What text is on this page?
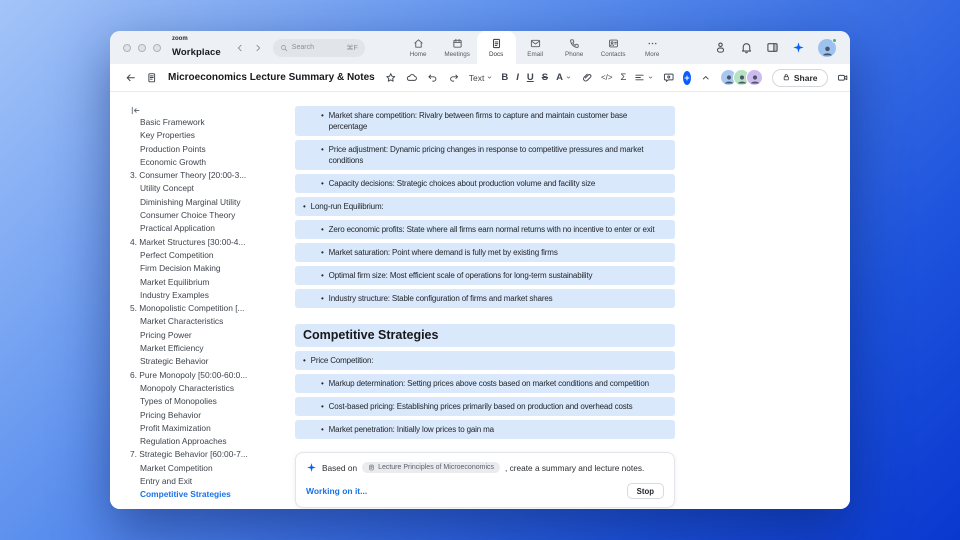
zoom
Workplace	Search	⌘F
Home	Meetings	Docs	Email	Phone	Contacts	More
Microeconomics Lecture Summary & Notes	Text B I U S A	</> Σ	Share
Basic Framework
Key Properties
Production Points
Economic Growth
3. Consumer Theory [20:00-3...
Utility Concept
Diminishing Marginal Utility
Consumer Choice Theory
Practical Application
4. Market Structures [30:00-4...
Perfect Competition
Firm Decision Making
Market Equilibrium
Industry Examples
5. Monopolistic Competition [...
Market Characteristics
Pricing Power
Market Efficiency
Strategic Behavior
6. Pure Monopoly [50:00-60:0...
Monopoly Characteristics
Types of Monopolies
Pricing Behavior
Profit Maximization
Regulation Approaches
7. Strategic Behavior [60:00-7...
Market Competition
Entry and Exit
Competitive Strategies
• Market share competition: Rivalry between firms to capture and maintain customer base percentage
• Price adjustment: Dynamic pricing changes in response to competitive pressures and market conditions
• Capacity decisions: Strategic choices about production volume and facility size
• Long-run Equilibrium:
• Zero economic profits: State where all firms earn normal returns with no incentive to enter or exit
• Market saturation: Point where demand is fully met by existing firms
• Optimal firm size: Most efficient scale of operations for long-term sustainability
• Industry structure: Stable configuration of firms and market shares
Competitive Strategies
• Price Competition:
• Markup determination: Setting prices above costs based on market conditions and competition
• Cost-based pricing: Establishing prices primarily based on production and overhead costs
• Market penetration: Initially low prices to gain ma
Based on	Lecture Principles of Microeconomics , create a summary and lecture notes.
Working on it...	Stop
